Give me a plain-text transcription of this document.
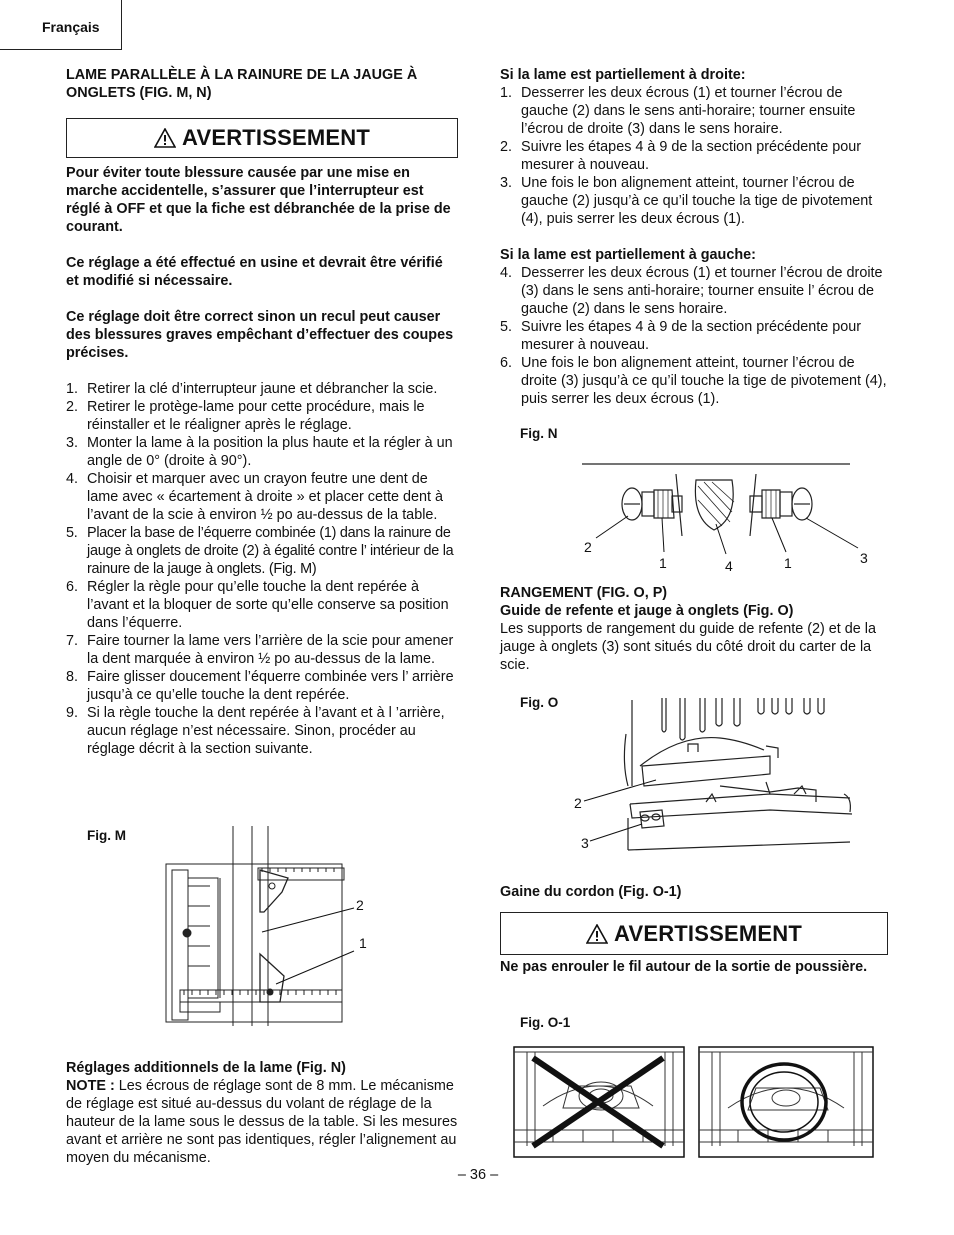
Français

LAME PARALLÈLE À LA RAINURE DE LA JAUGE À ONGLETS (FIG. M, N)

AVERTISSEMENT

Pour éviter toute blessure causée par une mise en marche accidentelle, s’assurer que l’interrupteur est réglé à OFF et que la fiche est débranchée de la prise de courant.

Ce réglage a été effectué en usine et devrait être vérifié et modifié si nécessaire.

Ce réglage doit être correct sinon un recul peut causer des blessures graves empêchant d’effectuer des coupes précises.

1. Retirer la clé d’interrupteur jaune et débrancher la scie.
2. Retirer le protège-lame pour cette procédure, mais le réinstaller et le réaligner après le réglage.
3. Monter la lame à la position la plus haute et la régler à un angle de 0° (droite à 90°).
4. Choisir et marquer avec un crayon feutre une dent de lame avec « écartement à droite » et placer cette dent à l’avant de la scie à environ ½ po au-dessus de la table.
5. Placer la base de l’équerre combinée (1) dans la rainure de jauge à onglets de droite (2) à égalité contre l’ intérieur de la rainure de la jauge à onglets. (Fig. M)
6. Régler la règle pour qu’elle touche la dent repérée à l’avant et la bloquer de sorte qu’elle conserve sa position dans l’équerre.
7. Faire tourner la lame vers l’arrière de la scie pour amener la dent marquée à environ ½ po au-dessus de la lame.
8. Faire glisser doucement l’équerre combinée vers l’ arrière jusqu’à ce qu’elle touche la dent repérée.
9. Si la règle touche la dent repérée à l’avant et à l ’arrière, aucun réglage n’est nécessaire. Sinon, procéder au réglage décrit à la section suivante.
Fig. M
2
1

Réglages additionnels de la lame (Fig. N)

NOTE : Les écrous de réglage sont de 8 mm. Le mécanisme de réglage est situé au-dessus du volant de réglage de la hauteur de la lame sous le dessus de la table. Si les mesures avant et arrière ne sont pas identiques, régler l’alignement au moyen du mécanisme.

Si la lame est partiellement à droite:

1. Desserrer les deux écrous (1) et tourner l’écrou de gauche (2) dans le sens anti-horaire; tourner ensuite l’écrou de droite (3) dans le sens horaire.
2. Suivre les étapes 4 à 9 de la section précédente pour mesurer à nouveau.
3. Une fois le bon alignement atteint, tourner l’écrou de gauche (2) jusqu’à ce qu’il touche la tige de pivotement (4), puis serrer les deux écrous (1).

Si la lame est partiellement à gauche:

4. Desserrer les deux écrous (1) et tourner l’écrou de droite (3) dans le sens anti-horaire; tourner ensuite l’ écrou de gauche (2) dans le sens horaire.
5. Suivre les étapes 4 à 9 de la section précédente pour mesurer à nouveau.
6. Une fois le bon alignement atteint, tourner l’écrou de droite (3) jusqu’à ce qu’il touche la tige de pivotement (4), puis serrer les deux écrous (1).
Fig. N
2
1	4	1	3

RANGEMENT (FIG. O, P)

Guide de refente et jauge à onglets (Fig. O)

Les supports de rangement du guide de refente (2) et de la jauge à onglets (3) sont situés du côté droit du carter de la scie.

Fig. O
2
3

Gaine du cordon (Fig. O-1)

AVERTISSEMENT

Ne pas enrouler le fil autour de la sortie de poussière.

Fig. O-1
– 36 –
